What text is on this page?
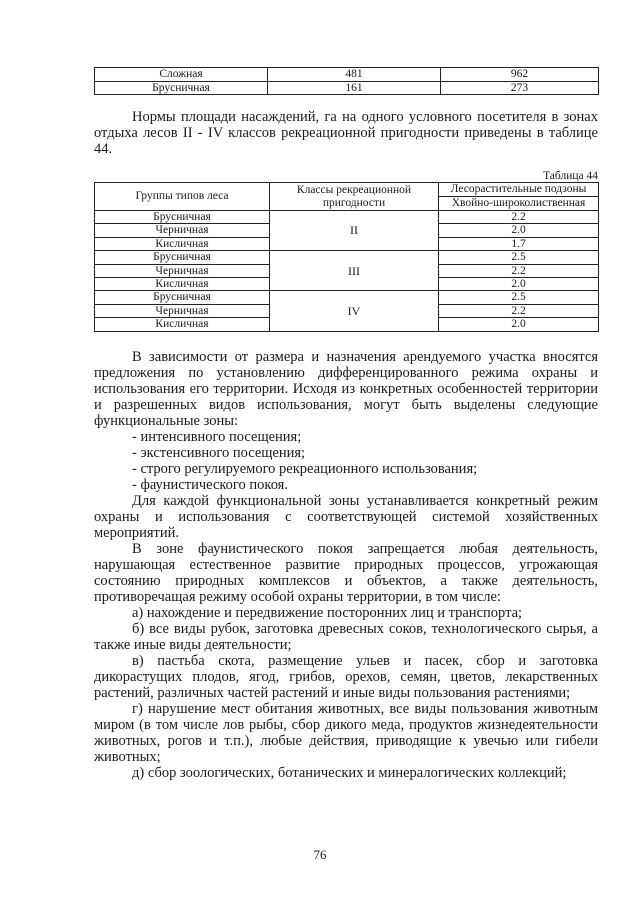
Сложная	481	962
Брусничная	161	273

Нормы площади насаждений, га на одного условного посетителя в зонах отдыха лесов II - IV классов рекреационной пригодности приведены в таблице 44.

Таблица 44
Группы типов леса	Классы рекреационной пригодности	Лесорастительные подзоны
		Хвойно-широколиственная
Брусничная	II	2.2
Черничная		2.0
Кисличная		1.7
Брусничная	III	2.5
Черничная		2.2
Кисличная		2.0
Брусничная	IV	2.5
Черничная		2.2
Кисличная		2.0

В зависимости от размера и назначения арендуемого участка вносятся предложения по установлению дифференцированного режима охраны и использования его территории. Исходя из конкретных особенностей территории и разрешенных видов использования, могут быть выделены следующие функциональные зоны:

- интенсивного посещения;

- экстенсивного посещения;

- строго регулируемого рекреационного использования;

- фаунистического покоя.

Для каждой функциональной зоны устанавливается конкретный режим охраны и использования с соответствующей системой хозяйственных мероприятий.

В зоне фаунистического покоя запрещается любая деятельность, нарушающая естественное развитие природных процессов, угрожающая состоянию природных комплексов и объектов, а также деятельность, противоречащая режиму особой охраны территории, в том числе:

а) нахождение и передвижение посторонних лиц и транспорта;

б) все виды рубок, заготовка древесных соков, технологического сырья, а также иные виды деятельности;

в) пастьба скота, размещение ульев и пасек, сбор и заготовка дикорастущих плодов, ягод, грибов, орехов, семян, цветов, лекарственных растений, различных частей растений и иные виды пользования растениями;

г) нарушение мест обитания животных, все виды пользования животным миром (в том числе лов рыбы, сбор дикого меда, продуктов жизнедеятельности животных, рогов и т.п.), любые действия, приводящие к увечью или гибели животных;

д) сбор зоологических, ботанических и минералогических коллекций;

76
